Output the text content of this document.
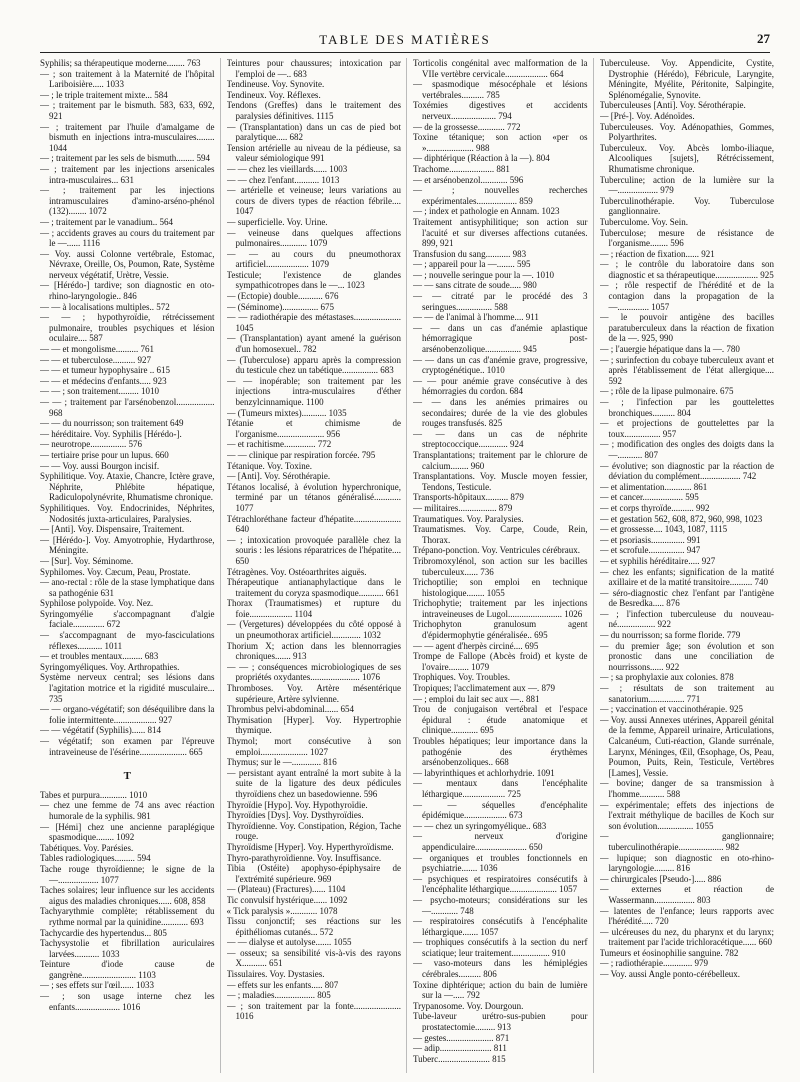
TABLE DES MATIÈRES	27

Syphilis; sa thérapeutique moderne........ 763

— ; son traitement à la Maternité de l'hôpital Lariboisière..... 1033

— ; le triple traitement mixte... 584

— ; traitement par le bismuth. 583, 633, 692, 921

— ; traitement par l'huile d'amalgame de bismuth en injections intra-musculaires........ 1044

— ; traitement par les sels de bismuth........ 594

— ; traitement par les injections arsenicales intra-musculaires... 631

— ; traitement par les injections intramusculaires d'amino-arséno-phénol (132)........ 1072

— ; traitement par le vanadium.. 564

— ; accidents graves au cours du traitement par le —...... 1116

— Voy. aussi Colonne vertébrale, Estomac, Névraxe, Oreille, Os, Poumon, Rate, Système nerveux végétatif, Urètre, Vessie.

— [Hérédo-] tardive; son diagnostic en oto-rhino-laryngologie.. 846

— — à localisations multiples.. 572

— — ; hypothyroïdie, rétrécissement pulmonaire, troubles psychiques et lésion oculaire.... 587

— — et mongolisme.......... 761

— — et tuberculose.......... 927

— — et tumeur hypophysaire .. 615

— — et médecins d'enfants..... 923

— — ; son traitement......... 1010

— — ; traitement par l'arsénobenzol................. 968

— — du nourrisson; son traitement 649

— héréditaire. Voy. Syphilis [Hérédo-].

— neurotrope................ 576

— tertiaire prise pour un lupus. 660

— — Voy. aussi Bourgon incisif.

Syphilitique. Voy. Ataxie, Chancre, Ictère grave, Néphrite, Phlébite hépatique, Radiculopolynévrite, Rhumatisme chronique.

Syphilitiques. Voy. Endocrinides, Néphrites, Nodosités juxta-articulaires, Paralysies.

— [Anti]. Voy. Dispensaire, Traitement.

— [Hérédo-]. Voy. Amyotrophie, Hydarthrose, Méningite.

— [Sur]. Voy. Séminome.

Syphilomes. Voy. Cæcum, Peau, Prostate.

— ano-rectal : rôle de la stase lymphatique dans sa pathogénie 631

Syphilose polypoïde. Voy. Nez.

Syringomyélie s'accompagnant d'algie faciale.............. 672

— s'accompagnant de myo-fasciculations réflexes........... 1011

— et troubles mentaux......... 683

Syringomyéliques. Voy. Arthropathies.

Système nerveux central; ses lésions dans l'agitation motrice et la rigidité musculaire... 735

— — organo-végétatif; son déséquilibre dans la folie intermittente................... 927

— — végétatif (Syphilis)...... 814

— végétatif; son examen par l'épreuve intraveineuse de l'ésérine..................... 665

T

Tabes et purpura............ 1010

— chez une femme de 74 ans avec réaction humorale de la syphilis. 981

— [Hémi] chez une ancienne paraplégique spasmodique........ 1092

Tabétiques. Voy. Parésies.

Tables radiologiques......... 594

Tache rouge thyroïdienne; le signe de la —.................. 1077

Taches solaires; leur influence sur les accidents aigus des maladies chroniques...... 608, 858

Tachyarythmie complète; rétablissement du rythme normal par la quinidine............ 693

Tachycardie des hypertendus... 805

Tachysystolie et fibrillation auriculaires larvées........... 1033

Teinture d'iode cause de gangrène........................ 1103

— ; ses effets sur l'œil...... 1033

— ; son usage interne chez les enfants.................... 1016

Teintures pour chaussures; intoxication par l'emploi de —.. 683

Tendineuse. Voy. Synovite.

Tendineux. Voy. Réflexes.

Tendons (Greffes) dans le traitement des paralysies définitives. 1115

— (Transplantation) dans un cas de pied bot paralytique..... 682

Tension artérielle au niveau de la pédieuse, sa valeur sémiologique 991

— — chez les vieillards...... 1003

— — chez l'enfant........... 1013

— artérielle et veineuse; leurs variations au cours de divers types de réaction fébrile.... 1047

— superficielle. Voy. Urine.

— veineuse dans quelques affections pulmonaires............ 1079

— — au cours du pneumothorax artificiel................... 1079

Testicule; l'existence de glandes sympathicotropes dans le —... 1023

— (Ectopie) double........... 676

— (Séminome)................ 675

— — radiothérapie des métastases..................... 1045

— (Transplantation) ayant amené la guérison d'un homosexuel.. 782

— (Tuberculose) apparu après la compression du testicule chez un tabétique................ 683

— — inopérable; son traitement par les injections intra-musculaires d'éther benzylcinnamique. 1100

— (Tumeurs mixtes)........... 1035

Tétanie et chimisme de l'organisme..................... 956

— et rachitisme.............. 772

— — clinique par respiration forcée. 795

Tétanique. Voy. Toxine.

— [Anti]. Voy. Sérothérapie.

Tétanos localisé, à évolution hyperchronique, terminé par un tétanos généralisé............ 1077

Tétrachloréthane facteur d'hépatite..................... 640

— ; intoxication provoquée parallèle chez la souris : les lésions réparatrices de l'hépatite.... 650

Tétragènes. Voy. Ostéoarthrites aiguës.

Thérapeutique antianaphylactique dans le traitement du coryza spasmodique........... 661

Thorax (Traumatismes) et rupture du foie................... 1104

— (Vergetures) développées du côté opposé à un pneumothorax artificiel............. 1032

Thorium X; action dans les blennorragies chroniques....... 913

— — ; conséquences microbiologiques de ses propriétés oxydantes...................... 1076

Thromboses. Voy. Artère mésentérique supérieure, Artère sylvienne.

Thrombus pelvi-abdominal...... 654

Thymisation [Hyper]. Voy. Hypertrophie thymique.

Thymol; mort consécutive à son emploi..................... 1027

Thymus; sur le —............. 816

— persistant ayant entraîné la mort subite à la suite de la ligature des deux pédicules thyroïdiens chez un basedowienne. 596

Thyroïdie [Hypo]. Voy. Hypothyroïdie.

Thyroïdies [Dys]. Voy. Dysthyroïdies.

Thyroïdienne. Voy. Constipation, Région, Tache rouge.

Thyroïdisme [Hyper]. Voy. Hyperthyroïdisme.

Thyro-parathyroïdienne. Voy. Insuffisance.

Tibia (Ostéite) apophyso-épiphysaire de l'extrémité supérieure. 969

— (Plateau) (Fractures)...... 1104

Tic convulsif hystérique...... 1092

« Tick paralysis »............ 1078

Tissu conjonctif; ses réactions sur les épithéliomas cutanés... 572

— — dialyse et autolyse....... 1055

— osseux; sa sensibilité vis-à-vis des rayons X........... 651

Tissulaires. Voy. Dystasies.

— effets sur les enfants..... 807

— ; maladies.................. 805

— ; son traitement par la fonte..................... 1016

Torticolis congénital avec malformation de la VIIe vertèbre cervicale................... 664

— spasmodique mésocéphale et lésions vertébrales.......... 785

Toxémies digestives et accidents nerveux.................... 794

— de la grossesse............ 772

Toxine tétanique; son action «per os »..................... 988

— diphtérique (Réaction à la —). 804

Trachome.................... 881

— et arsénobenzol............ 596

— ; nouvelles recherches expérimentales.................. 859

— ; index et pathologie en Annam. 1023

Traitement antisyphilitique; son action sur l'acuité et sur diverses affections cutanées. 899, 921

Transfusion du sang........... 983

— ; appareil pour la —........ 595

— ; nouvelle seringue pour la —. 1010

— — sans citrate de soude..... 980

— — citraté par le procédé des 3 seringues................ 588

— — de l'animal à l'homme.... 911

— — dans un cas d'anémie aplastique hémorragique post-arsénobenzolique................ 945

— — dans un cas d'anémie grave, progressive, cryptogénétique.. 1010

— — pour anémie grave consécutive à des hémorragies du cordon. 684

— — dans les anémies primaires ou secondaires; durée de la vie des globules rouges transfusés. 825

— — dans un cas de néphrite streptococcique............. 924

Transplantations; traitement par le chlorure de calcium........ 960

Transplantations. Voy. Muscle moyen fessier, Tendons, Testicule.

Transports-hôpitaux.......... 879

— militaires................. 879

Traumatiques. Voy. Paralysies.

Traumatismes. Voy. Carpe, Coude, Rein, Thorax.

Trépano-ponction. Voy. Ventricules cérébraux.

Tribromoxylénol, son action sur les bacilles tuberculeux...... 736

Trichoptilie; son emploi en technique histologique........ 1055

Trichophytie; traitement par les injections intraveineuses de Lugol........................ 1026

Trichophyton granulosum agent d'épidermophytie généralisée.. 695

— — agent d'herpès circiné.... 695

Trompe de Fallope (Abcès froid) et kyste de l'ovaire......... 1079

Trophiques. Voy. Troubles.

Tropiques; l'acclimatement aux —. 879

— ; emploi du lait sec aux —.. 881

Trou de conjugaison vertébral et l'espace épidural : étude anatomique et clinique............ 695

Troubles hépatiques; leur importance dans la pathogénie des érythèmes arsénobenzoliques.. 668

— labyrinthiques et achlorhydrie. 1091

— mentaux dans l'encéphalite léthargique................... 725

— — séquelles d'encéphalite épidémique................... 673

— — chez un syringomyélique.. 683

— nerveux d'origine appendiculaire....................... 650

— organiques et troubles fonctionnels en psychiatrie....... 1036

— psychiques et respiratoires consécutifs à l'encéphalite léthargique..................... 1057

— psycho-moteurs; considérations sur les —............ 748

— respiratoires consécutifs à l'encéphalite léthargique....... 1057

— trophiques consécutifs à la section du nerf sciatique; leur traitement................. 910

— vaso-moteurs dans les hémiplégies cérébrales.......... 806

Toxine diphtérique; action du bain de lumière sur la —..... 792

Trypanosome. Voy. Dourgoun.

Tube-laveur urétro-sus-pubien pour prostatectomie......... 913

— gestes..................... 871

— adip....................... 811

Tuberc....................... 815

Tuberculeuse. Voy. Appendicite, Cystite, Dystrophie (Hérédo), Fébricule, Laryngite, Méningite, Myélite, Péritonite, Salpingite, Splénomégalie, Synovite.

Tuberculeuses [Anti]. Voy. Sérothérapie.

— [Pré-]. Voy. Adénoïdes.

Tuberculeuses. Voy. Adénopathies, Gommes, Polyarthrites.

Tuberculeux. Voy. Abcès lombo-iliaque, Alcooliques [sujets], Rétrécissement, Rhumatisme chronique.

Tuberculine; action de la lumière sur la —.................. 979

Tuberculinothérapie. Voy. Tuberculose ganglionnaire.

Tuberculome. Voy. Sein.

Tuberculose; mesure de résistance de l'organisme........ 596

— ; réaction de fixation...... 921

— ; le contrôle du laboratoire dans son diagnostic et sa thérapeutique................... 925

— ; rôle respectif de l'hérédité et de la contagion dans la propagation de la —.............. 1057

— le pouvoir antigène des bacilles paratuberculeux dans la réaction de fixation de la —. 925, 990

— ; l'auergie hépatique dans la —. 780

— ; surinfection du cobaye tuberculeux avant et après l'établissement de l'état allergique.... 592

— ; rôle de la lipase pulmonaire. 675

— ; l'infection par les gouttelettes bronchiques.......... 804

— et projections de gouttelettes par la toux................ 957

— ; modification des ongles des doigts dans la —........... 807

— évolutive; son diagnostic par la réaction de déviation du complément.................. 742

— et alimentation............ 861

— et cancer.................. 595

— et corps thyroïde.......... 992

— et gestation 562, 608, 872, 960, 998, 1023

— et grossesse.... 1043, 1087, 1115

— et psoriasis............... 991

— et scrofule................ 947

— et syphilis héréditaire..... 927

— chez les enfants; signification de la matité axillaire et de la matité transitoire.......... 740

— séro-diagnostic chez l'enfant par l'antigène de Besredka..... 876

— ; l'infection tuberculeuse du nouveau-né................. 922

— du nourrisson; sa forme floride. 779

— du premier âge; son évolution et son pronostic dans une conciliation de nourrissons...... 922

— ; sa prophylaxie aux colonies. 878

— ; résultats de son traitement au sanatorium................ 771

— ; vaccination et vaccinothérapie. 925

— Voy. aussi Annexes utérines, Appareil génital de la femme, Appareil urinaire, Articulations, Calcanéum, Cuti-réaction, Glande surrénale, Larynx, Méninges, Œil, Œsophage, Os, Peau, Poumon, Puits, Rein, Testicule, Vertèbres [Lames], Vessie.

— bovine; danger de sa transmission à l'homme........... 588

— expérimentale; effets des injections de l'extrait méthylique de bacilles de Koch sur son évolution................ 1055

— ganglionnaire; tuberculinothérapie.................... 982

— lupique; son diagnostic en oto-rhino-laryngologie......... 816

— chirurgicales [Pseudo-]..... 886

— externes et réaction de Wassermann.................. 803

— latentes de l'enfance; leurs rapports avec l'hérédité..... 720

— ulcéreuses du nez, du pharynx et du larynx; traitement par l'acide trichloracétique...... 660

Tumeurs et éosinophilie sanguine. 782

— ; radiothérapie............. 979

— Voy. aussi Angle ponto-cérébelleux.
